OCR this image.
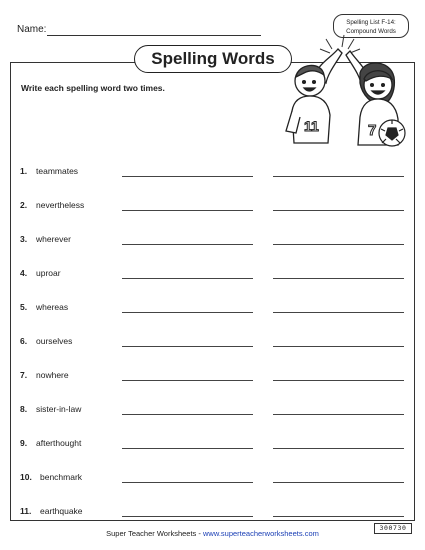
Name:
Spelling List F-14:
Compound Words
Spelling Words
Write each spelling word two times.
11	7
1. teammates
2. nevertheless
3. wherever
4. uproar
5. whereas
6. ourselves
7. nowhere
8. sister-in-law
9. afterthought
10. benchmark
11. earthquake
Super Teacher Worksheets - www.superteacherworksheets.com
300730
